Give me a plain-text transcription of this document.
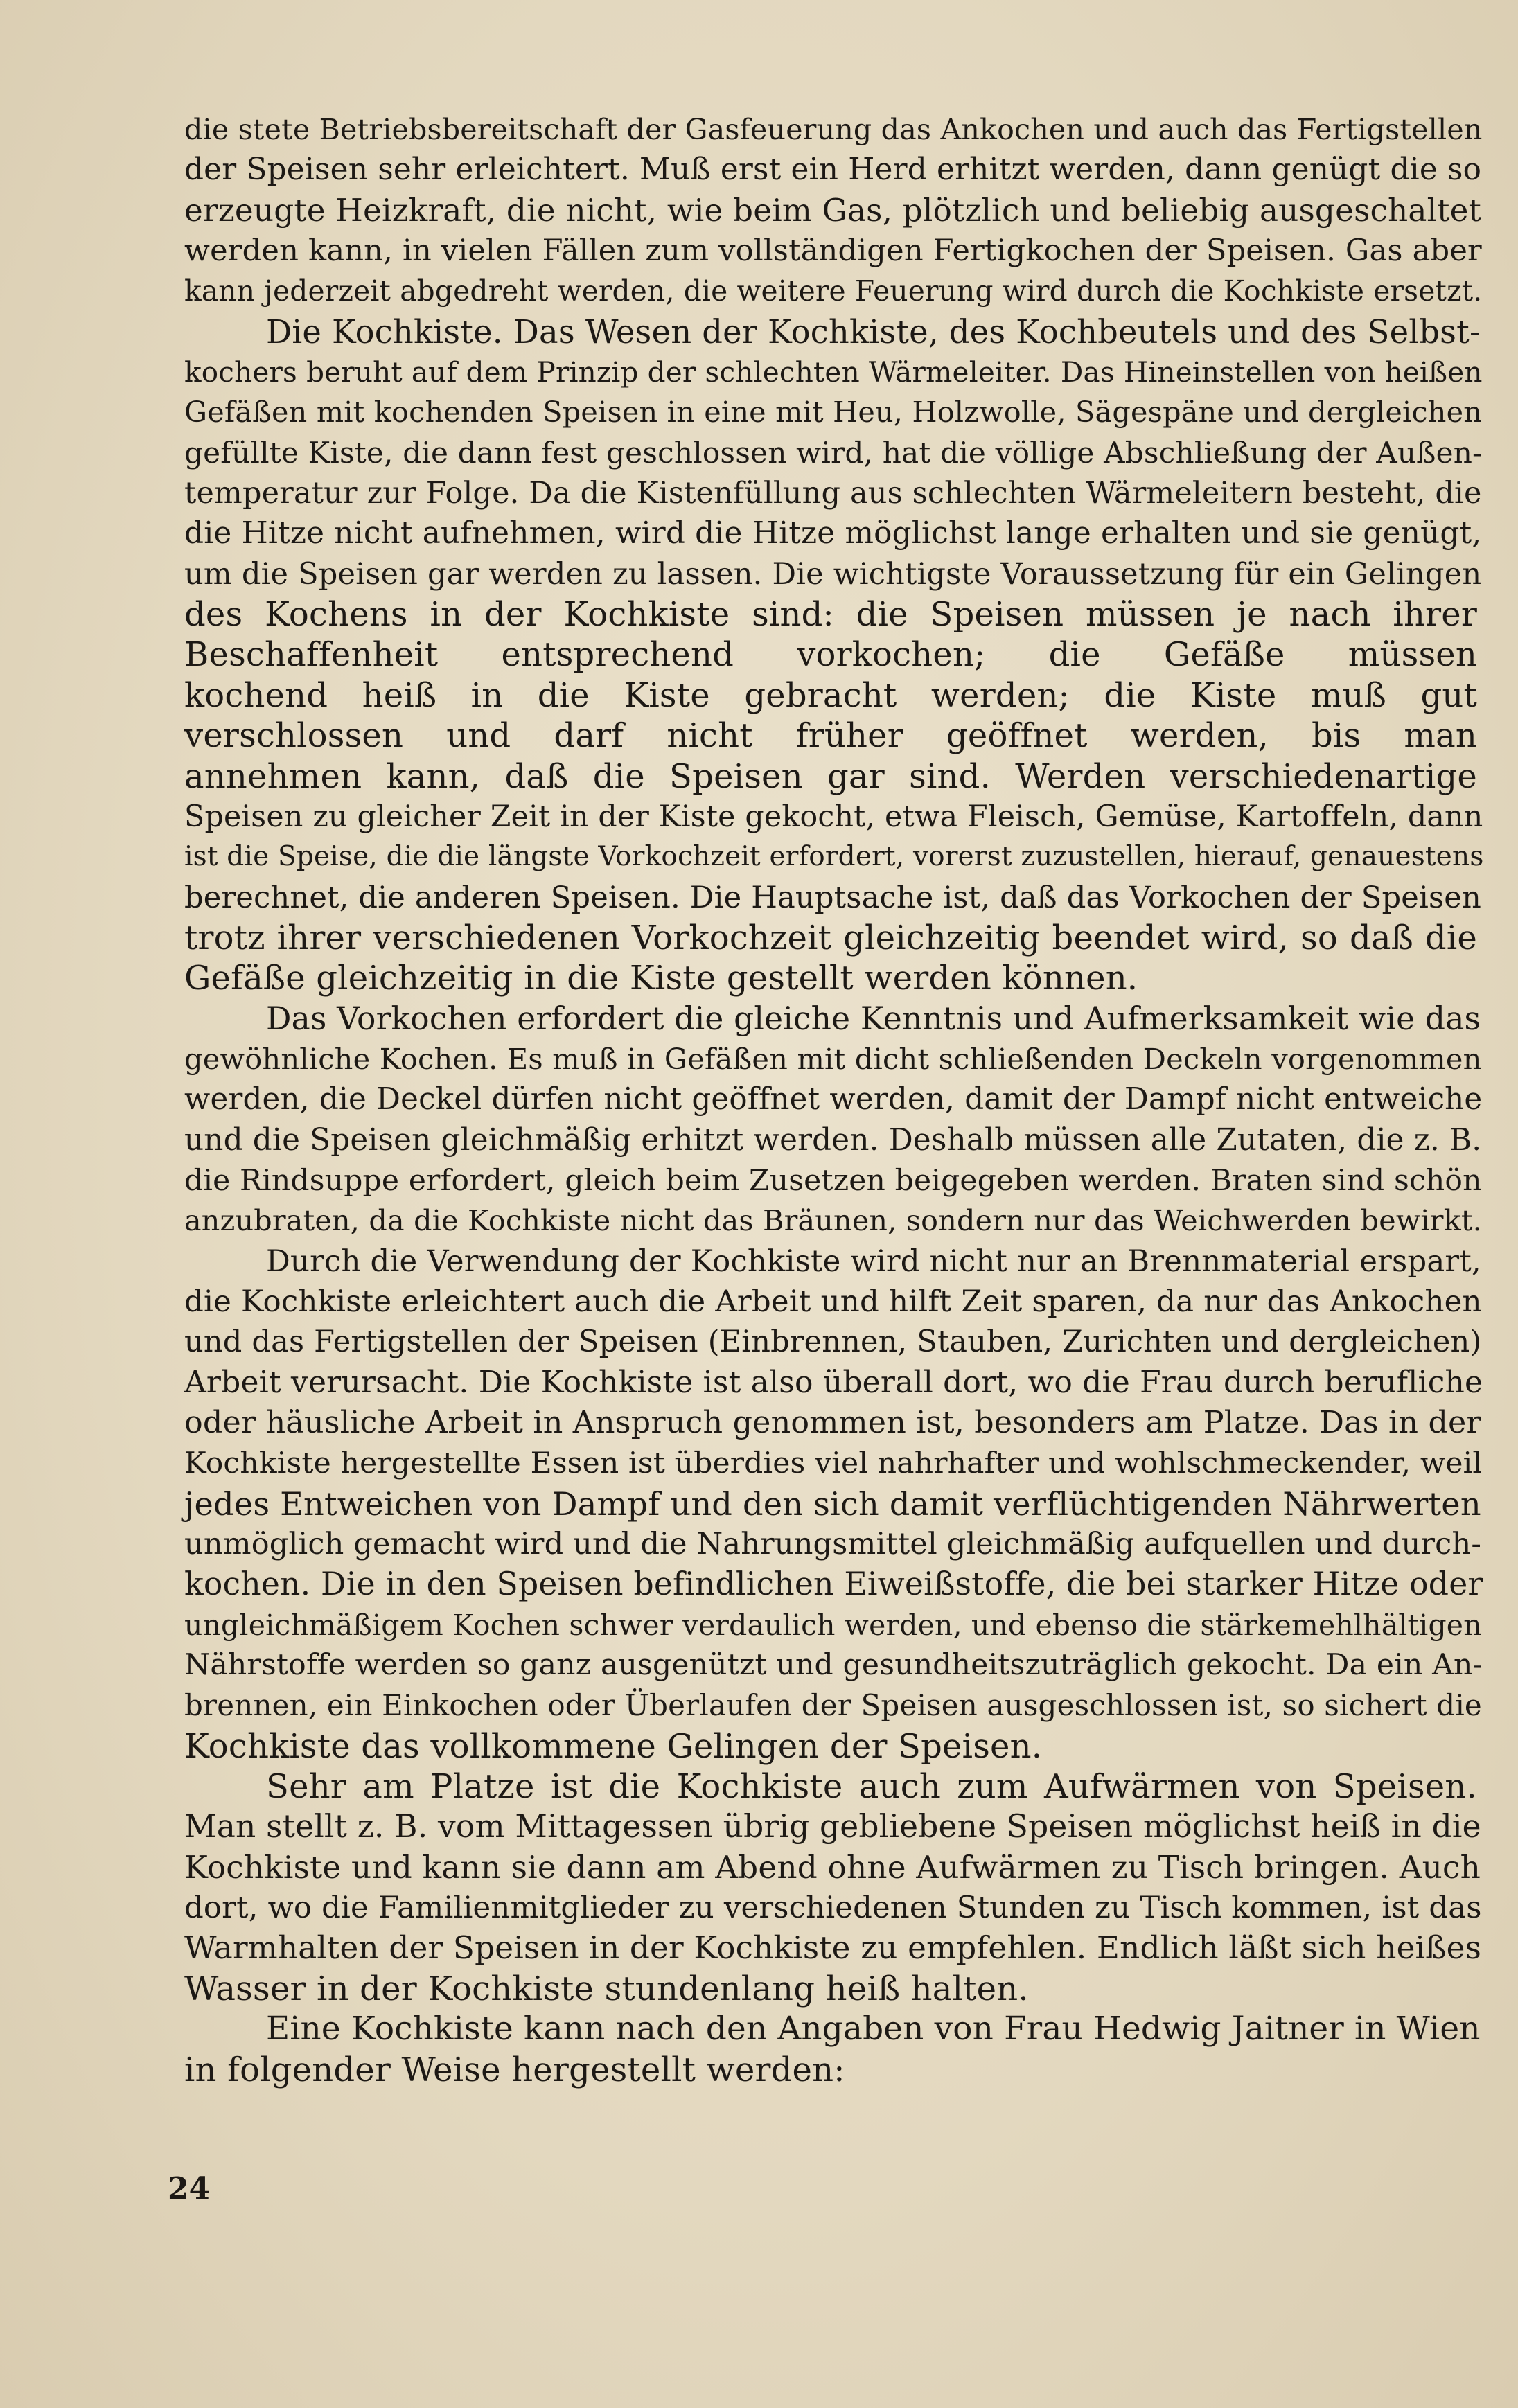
die stete Betriebsbereitschaft der Gasfeuerung das Ankochen und auch das Fertigstellen
der Speisen sehr erleichtert. Muß erst ein Herd erhitzt werden, dann genügt die so
erzeugte Heizkraft, die nicht, wie beim Gas, plötzlich und beliebig ausgeschaltet
werden kann, in vielen Fällen zum vollständigen Fertigkochen der Speisen. Gas aber
kann jederzeit abgedreht werden, die weitere Feuerung wird durch die Kochkiste ersetzt.
Die Kochkiste. Das Wesen der Kochkiste, des Kochbeutels und des Selbst-
kochers beruht auf dem Prinzip der schlechten Wärmeleiter. Das Hineinstellen von heißen
Gefäßen mit kochenden Speisen in eine mit Heu, Holzwolle, Sägespäne und dergleichen
gefüllte Kiste, die dann fest geschlossen wird, hat die völlige Abschließung der Außen-
temperatur zur Folge. Da die Kistenfüllung aus schlechten Wärmeleitern besteht, die
die Hitze nicht aufnehmen, wird die Hitze möglichst lange erhalten und sie genügt,
um die Speisen gar werden zu lassen. Die wichtigste Voraussetzung für ein Gelingen
des Kochens in der Kochkiste sind: die Speisen müssen je nach ihrer
Beschaffenheit entsprechend vorkochen; die Gefäße müssen
kochend heiß in die Kiste gebracht werden; die Kiste muß gut
verschlossen und darf nicht früher geöffnet werden, bis man
annehmen kann, daß die Speisen gar sind. Werden verschiedenartige
Speisen zu gleicher Zeit in der Kiste gekocht, etwa Fleisch, Gemüse, Kartoffeln, dann
ist die Speise, die die längste Vorkochzeit erfordert, vorerst zuzustellen, hierauf, genauestens
berechnet, die anderen Speisen. Die Hauptsache ist, daß das Vorkochen der Speisen
trotz ihrer verschiedenen Vorkochzeit gleichzeitig beendet wird, so daß die
Gefäße gleichzeitig in die Kiste gestellt werden können.
Das Vorkochen erfordert die gleiche Kenntnis und Aufmerksamkeit wie das
gewöhnliche Kochen. Es muß in Gefäßen mit dicht schließenden Deckeln vorgenommen
werden, die Deckel dürfen nicht geöffnet werden, damit der Dampf nicht entweiche
und die Speisen gleichmäßig erhitzt werden. Deshalb müssen alle Zutaten, die z. B.
die Rindsuppe erfordert, gleich beim Zusetzen beigegeben werden. Braten sind schön
anzubraten, da die Kochkiste nicht das Bräunen, sondern nur das Weichwerden bewirkt.
Durch die Verwendung der Kochkiste wird nicht nur an Brennmaterial erspart,
die Kochkiste erleichtert auch die Arbeit und hilft Zeit sparen, da nur das Ankochen
und das Fertigstellen der Speisen (Einbrennen, Stauben, Zurichten und dergleichen)
Arbeit verursacht. Die Kochkiste ist also überall dort, wo die Frau durch berufliche
oder häusliche Arbeit in Anspruch genommen ist, besonders am Platze. Das in der
Kochkiste hergestellte Essen ist überdies viel nahrhafter und wohlschmeckender, weil
jedes Entweichen von Dampf und den sich damit verflüchtigenden Nährwerten
unmöglich gemacht wird und die Nahrungsmittel gleichmäßig aufquellen und durch-
kochen. Die in den Speisen befindlichen Eiweißstoffe, die bei starker Hitze oder
ungleichmäßigem Kochen schwer verdaulich werden, und ebenso die stärkemehlhältigen
Nährstoffe werden so ganz ausgenützt und gesundheitszuträglich gekocht. Da ein An-
brennen, ein Einkochen oder Überlaufen der Speisen ausgeschlossen ist, so sichert die
Kochkiste das vollkommene Gelingen der Speisen.
Sehr am Platze ist die Kochkiste auch zum Aufwärmen von Speisen.
Man stellt z. B. vom Mittagessen übrig gebliebene Speisen möglichst heiß in die
Kochkiste und kann sie dann am Abend ohne Aufwärmen zu Tisch bringen. Auch
dort, wo die Familienmitglieder zu verschiedenen Stunden zu Tisch kommen, ist das
Warmhalten der Speisen in der Kochkiste zu empfehlen. Endlich läßt sich heißes
Wasser in der Kochkiste stundenlang heiß halten.
Eine Kochkiste kann nach den Angaben von Frau Hedwig Jaitner in Wien
in folgender Weise hergestellt werden:
24
